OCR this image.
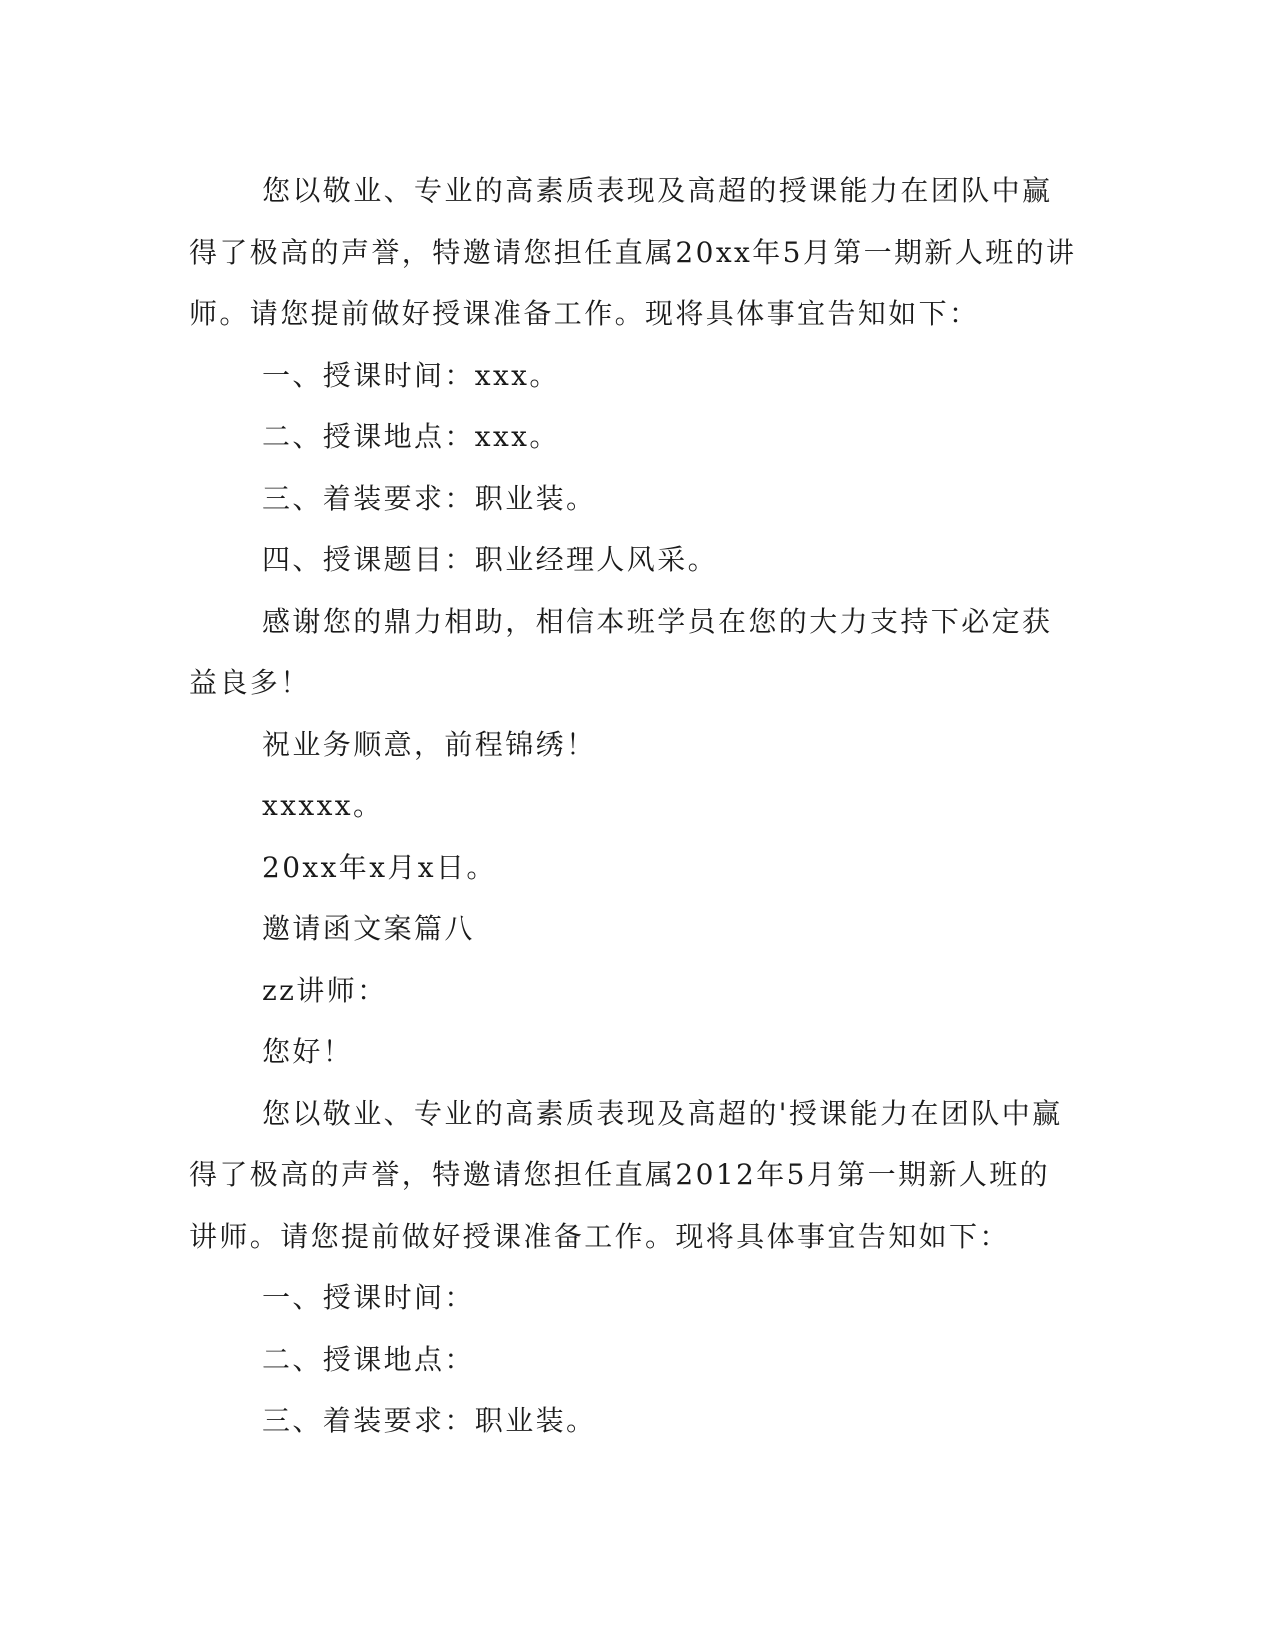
您以敬业、专业的高素质表现及高超的授课能力在团队中赢得了极高的声誉，特邀请您担任直属20xx年5月第一期新人班的讲师。请您提前做好授课准备工作。现将具体事宜告知如下：

一、授课时间：xxx。

二、授课地点：xxx。

三、着装要求：职业装。

四、授课题目：职业经理人风采。

感谢您的鼎力相助，相信本班学员在您的大力支持下必定获益良多！

祝业务顺意，前程锦绣！

xxxxx。

20xx年x月x日。

邀请函文案篇八

zz讲师：

您好！

您以敬业、专业的高素质表现及高超的'授课能力在团队中赢得了极高的声誉，特邀请您担任直属2012年5月第一期新人班的讲师。请您提前做好授课准备工作。现将具体事宜告知如下：

一、授课时间：

二、授课地点：

三、着装要求：职业装。
